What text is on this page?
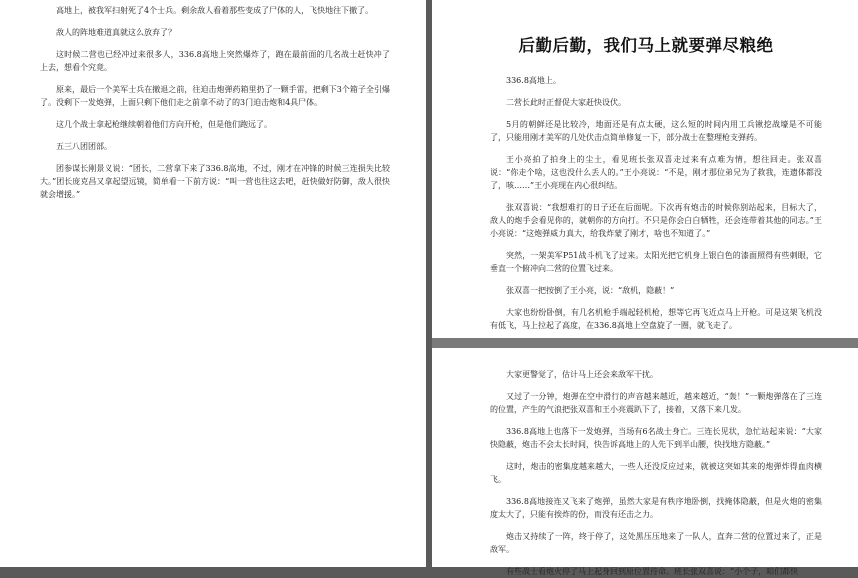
高地上，被我军扫射死了4个士兵。剩余敌人看着那些变成了尸体的人，飞快地往下撤了。

敌人的阵地难道真就这么放弃了？

这时候二营也已经冲过来很多人，336.8高地上突然爆炸了，跑在最前面的几名战士赶快冲了上去，想看个究竟。

原来，最后一个美军士兵在撤退之前，往迫击炮弹药箱里扔了一颗手雷，把剩下3个箱子全引爆了。没剩下一发炮弹，上面只剩下他们走之前拿不动了的3门迫击炮和4具尸体。

这几个战士拿起枪继续朝着他们方向开枪，但是他们跑远了。

五三八团团部。

团参谋长刚景义说：“团长，二营拿下来了336.8高地，不过，刚才在冲锋的时候三连损失比较大。”团长庞克昌又拿起望远镜，简单看一下前方说：“叫一营也往这去吧，赶快做好防御，敌人很快就会增援。”

后勤后勤，我们马上就要弹尽粮绝

336.8高地上。

二营长此时正督促大家赶快设伏。

5月的朝鲜还是比较冷，地面还是有点太硬，这么短的时间内用工兵锹挖战壕是不可能了，只能用刚才美军的几处伏击点简单修复一下，部分战士在整理枪支弹药。

王小亮拍了拍身上的尘土，看见班长张双喜走过来有点难为情，想往回走。张双喜说：“你走个啥，这也没什么丢人的。”王小亮说：“不是，刚才那位弟兄为了救我，连遗体都没了，咳……”王小亮现在内心很纠结。

张双喜说：“我想难打的日子还在后面呢。下次再有炮击的时候你别站起来，目标大了，敌人的炮手会看见你的，就朝你的方向打。不只是你会白白牺牲，还会连带着其他的同志。”王小亮说：“这炮弹威力真大，给我炸蒙了刚才，啥也不知道了。”

突然，一架美军P51战斗机飞了过来。太阳光把它机身上银白色的漆面照得有些刺眼，它垂直一个俯冲向二营的位置飞过来。

张双喜一把按倒了王小亮，说：“敌机，隐蔽！”

大家也纷纷卧倒，有几名机枪手端起轻机枪，想等它再飞近点马上开枪。可是这架飞机没有低飞，马上拉起了高度，在336.8高地上空盘旋了一圈，就飞走了。

大家更警觉了，估计马上还会来敌军干扰。

又过了一分钟，炮弹在空中滑行的声音越来越近，越来越近，“轰！”一颗炮弹落在了三连的位置，产生的气浪把张双喜和王小亮震趴下了，接着，又落下来几发。

336.8高地上也落下一发炮弹，当场有6名战士身亡。三连长见状，急忙站起来说：“大家快隐蔽，炮击不会太长时间，快告诉高地上的人先下到半山腰，快找地方隐蔽。”

这时，炮击的密集度越来越大，一些人还没反应过来，就被这突如其来的炮弹炸得血肉横飞。

336.8高地接连又飞来了炮弹，虽然大家是有秩序地卧倒，找掩体隐蔽，但是火炮的密集度太大了，只能有挨炸的份，而没有还击之力。

炮击又持续了一阵，终于停了，这处黑压压地来了一队人，直奔二营的位置过来了，正是敌军。

有些战士看炮火停了马上起身回到原位置待命。班长张双喜说：“小个子，咱们都快
